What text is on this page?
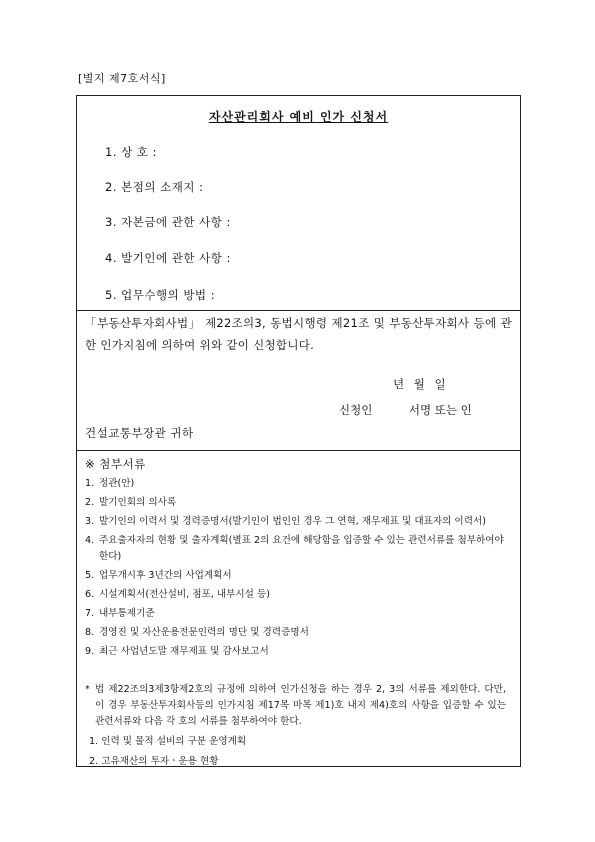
[별지 제7호서식]
자산관리회사 예비 인가 신청서
1. 상 호 :
2. 본점의 소재지 :
3. 자본금에 관한 사항 :
4. 발기인에 관한 사항 :
5. 업무수행의 방법 :
「부동산투자회사법」 제22조의3, 동법시행령 제21조 및 부동산투자회사 등에 관한 인가지침에 의하여 위와 같이 신청합니다.
년 월 일
신청인          서명 또는 인
건설교통부장관 귀하
※ 첨부서류
1. 정관(안)
2. 발기인회의 의사록
3. 발기인의 이력서 및 경력증명서(발기인이 법인인 경우 그 연혁, 재무제표 및 대표자의 이력서)
4. 주요출자자의 현황 및 출자계획(별표 2의 요건에 해당함을 입증할 수 있는 관련서류를 첨부하여야 한다)
5. 업무개시후 3년간의 사업계획서
6. 시설계획서(전산설비, 점포, 내부시설 등)
7. 내부통제기준
8. 경영진 및 자산운용전문인력의 명단 및 경력증명서
9. 최근 사업년도말 재무제표 및 감사보고서
* 법 제22조의3제3항제2호의 규정에 의하여 인가신청을 하는 경우 2, 3의 서류를 제외한다. 다만, 이 경우 부동산투자회사등의 인가지침 제17목 마목 제1)호 내지 제4)호의 사항을 입증할 수 있는 관련서류와 다음 각 호의 서류를 첨부하여야 한다.
1. 인력 및 물적 설비의 구분 운영계획
2. 고유재산의 투자ㆍ운용 현황
